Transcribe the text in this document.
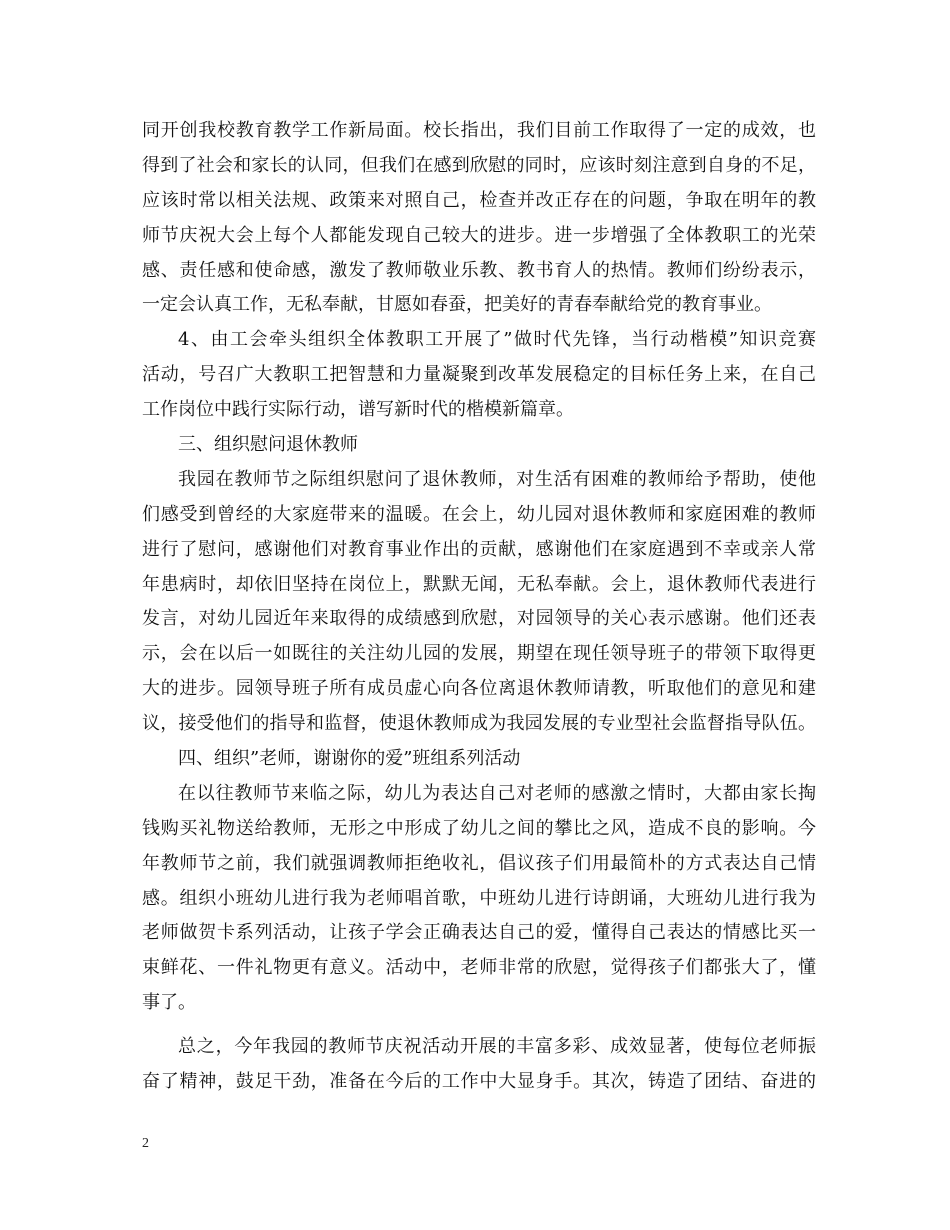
同开创我校教育教学工作新局面。校长指出，我们目前工作取得了一定的成效，也
得到了社会和家长的认同，但我们在感到欣慰的同时，应该时刻注意到自身的不足，
应该时常以相关法规、政策来对照自己，检查并改正存在的问题，争取在明年的教
师节庆祝大会上每个人都能发现自己较大的进步。进一步增强了全体教职工的光荣
感、责任感和使命感，激发了教师敬业乐教、教书育人的热情。教师们纷纷表示，
一定会认真工作，无私奉献，甘愿如春蚕，把美好的青春奉献给党的教育事业。
4、由工会牵头组织全体教职工开展了”做时代先锋，当行动楷模”知识竞赛
活动，号召广大教职工把智慧和力量凝聚到改革发展稳定的目标任务上来，在自己
工作岗位中践行实际行动，谱写新时代的楷模新篇章。
三、组织慰问退休教师
我园在教师节之际组织慰问了退休教师，对生活有困难的教师给予帮助，使他
们感受到曾经的大家庭带来的温暖。在会上，幼儿园对退休教师和家庭困难的教师
进行了慰问，感谢他们对教育事业作出的贡献，感谢他们在家庭遇到不幸或亲人常
年患病时，却依旧坚持在岗位上，默默无闻，无私奉献。会上，退休教师代表进行
发言，对幼儿园近年来取得的成绩感到欣慰，对园领导的关心表示感谢。他们还表
示，会在以后一如既往的关注幼儿园的发展，期望在现任领导班子的带领下取得更
大的进步。园领导班子所有成员虚心向各位离退休教师请教，听取他们的意见和建
议，接受他们的指导和监督，使退休教师成为我园发展的专业型社会监督指导队伍。
四、组织”老师，谢谢你的爱”班组系列活动
在以往教师节来临之际，幼儿为表达自己对老师的感激之情时，大都由家长掏
钱购买礼物送给教师，无形之中形成了幼儿之间的攀比之风，造成不良的影响。今
年教师节之前，我们就强调教师拒绝收礼，倡议孩子们用最简朴的方式表达自己情
感。组织小班幼儿进行我为老师唱首歌，中班幼儿进行诗朗诵，大班幼儿进行我为
老师做贺卡系列活动，让孩子学会正确表达自己的爱，懂得自己表达的情感比买一
束鲜花、一件礼物更有意义。活动中，老师非常的欣慰，觉得孩子们都张大了，懂
事了。
总之，今年我园的教师节庆祝活动开展的丰富多彩、成效显著，使每位老师振
奋了精神，鼓足干劲，准备在今后的工作中大显身手。其次，铸造了团结、奋进的
2
